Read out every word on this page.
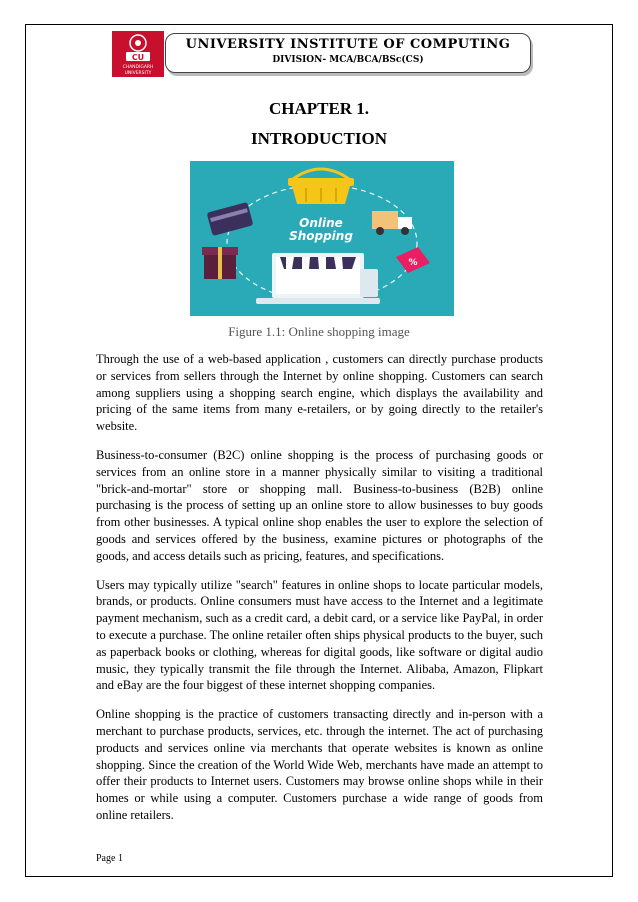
CU
CHANDIGARH
UNIVERSITY
UNIVERSITY INSTITUTE OF COMPUTING
DIVISION- MCA/BCA/BSc(CS)
CHAPTER 1.
INTRODUCTION
%
Online
Shopping
Figure 1.1: Online shopping image

Through the use of a web-based application , customers can directly purchase products or services from sellers through the Internet by online shopping. Customers can search among suppliers using a shopping search engine, which displays the availability and pricing of the same items from many e-retailers, or by going directly to the retailer's website.

Business-to-consumer (B2C) online shopping is the process of purchasing goods or services from an online store in a manner physically similar to visiting a traditional "brick-and-mortar" store or shopping mall. Business-to-business (B2B) online purchasing is the process of setting up an online store to allow businesses to buy goods from other businesses. A typical online shop enables the user to explore the selection of goods and services offered by the business, examine pictures or photographs of the goods, and access details such as pricing, features, and specifications.

Users may typically utilize "search" features in online shops to locate particular models, brands, or products. Online consumers must have access to the Internet and a legitimate payment mechanism, such as a credit card, a debit card, or a service like PayPal, in order to execute a purchase. The online retailer often ships physical products to the buyer, such as paperback books or clothing, whereas for digital goods, like software or digital audio music, they typically transmit the file through the Internet. Alibaba, Amazon, Flipkart and eBay are the four biggest of these internet shopping companies.

Online shopping is the practice of customers transacting directly and in-person with a merchant to purchase products, services, etc. through the internet. The act of purchasing products and services online via merchants that operate websites is known as online shopping. Since the creation of the World Wide Web, merchants have made an attempt to offer their products to Internet users. Customers may browse online shops while in their homes or while using a computer. Customers purchase a wide range of goods from online retailers.

Page 1
